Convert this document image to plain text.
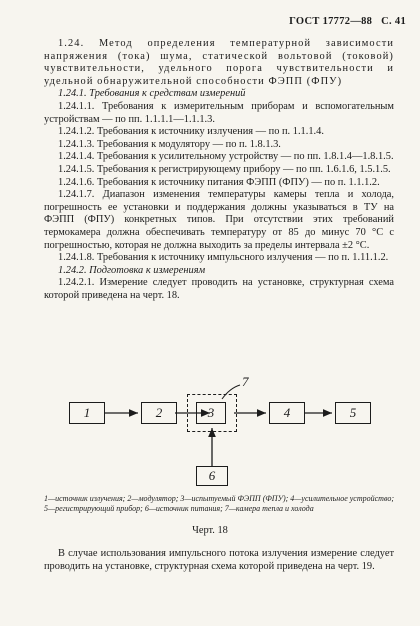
ГОСТ 17772—88 С. 41

1.24. Метод определения температурной зависимости напряжения (тока) шума, статической вольтовой (токовой) чувствительности, удельного порога чувствительности и удельной обнаружительной способности ФЭПП (ФПУ)

1.24.1. Требования к средствам измерений

1.24.1.1. Требования к измерительным приборам и вспомогательным устройствам — по пп. 1.1.1.1—1.1.1.3.

1.24.1.2. Требования к источнику излучения — по п. 1.1.1.4.

1.24.1.3. Требования к модулятору — по п. 1.8.1.3.

1.24.1.4. Требования к усилительному устройству — по пп. 1.8.1.4—1.8.1.5.

1.24.1.5. Требования к регистрирующему прибору — по пп. 1.6.1.6, 1.5.1.5.

1.24.1.6. Требования к источнику питания ФЭПП (ФПУ) — по п. 1.1.1.2.

1.24.1.7. Диапазон изменения температуры камеры тепла и холода, погрешность ее установки и поддержания должны указываться в ТУ на ФЭПП (ФПУ) конкретных типов. При отсутствии этих требований термокамера должна обеспечивать температуру от 85 до минус 70 °С с погрешностью, которая не должна выходить за пределы интервала ±2 °С.

1.24.1.8. Требования к источнику импульсного излучения — по п. 1.11.1.2.

1.24.2. Подготовка к измерениям

1.24.2.1. Измерение следует проводить на установке, структурная схема которой приведена на черт. 18.

1	2	3	4	5
6
7
1—источник излучения; 2—модулятор; 3—испытуемый ФЭПП (ФПУ); 4—усилительное устройство; 5—регистрирующий прибор; 6—источник питания; 7—камера тепла и холода
Черт. 18
В случае использования импульсного потока излучения измерение следует проводить на установке, структурная схема которой приведена на черт. 19.
